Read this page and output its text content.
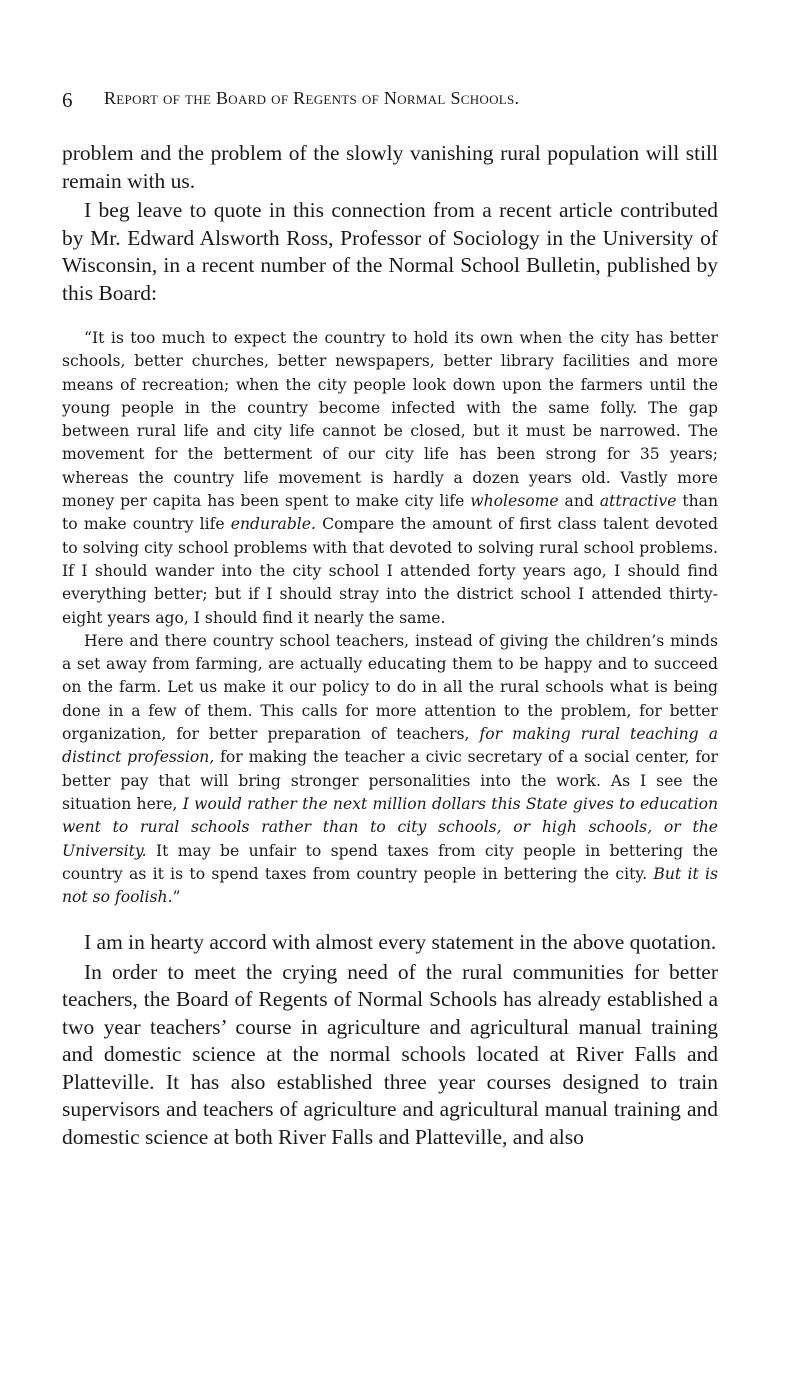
6 Report of the Board of Regents of Normal Schools.

problem and the problem of the slowly vanishing rural population will still remain with us.

I beg leave to quote in this connection from a recent article contributed by Mr. Edward Alsworth Ross, Professor of Sociology in the University of Wisconsin, in a recent number of the Normal School Bulletin, published by this Board:

“It is too much to expect the country to hold its own when the city has better schools, better churches, better newspapers, better library facilities and more means of recreation; when the city people look down upon the farmers until the young people in the country become infected with the same folly. The gap between rural life and city life cannot be closed, but it must be narrowed. The movement for the betterment of our city life has been strong for 35 years; whereas the country life movement is hardly a dozen years old. Vastly more money per capita has been spent to make city life wholesome and attractive than to make country life endurable. Compare the amount of first class talent devoted to solving city school problems with that devoted to solving rural school problems. If I should wander into the city school I attended forty years ago, I should find everything better; but if I should stray into the district school I attended thirty-eight years ago, I should find it nearly the same.

Here and there country school teachers, instead of giving the children’s minds a set away from farming, are actually educating them to be happy and to succeed on the farm. Let us make it our policy to do in all the rural schools what is being done in a few of them. This calls for more attention to the problem, for better organization, for better preparation of teachers, for making rural teaching a distinct profession, for making the teacher a civic secretary of a social center, for better pay that will bring stronger personalities into the work. As I see the situation here, I would rather the next million dollars this State gives to education went to rural schools rather than to city schools, or high schools, or the University. It may be unfair to spend taxes from city people in bettering the country as it is to spend taxes from country people in bettering the city. But it is not so foolish.”

I am in hearty accord with almost every statement in the above quotation.

In order to meet the crying need of the rural communities for better teachers, the Board of Regents of Normal Schools has already established a two year teachers’ course in agriculture and agricultural manual training and domestic science at the normal schools located at River Falls and Platteville. It has also established three year courses designed to train supervisors and teachers of agriculture and agricultural manual training and domestic science at both River Falls and Platteville, and also
